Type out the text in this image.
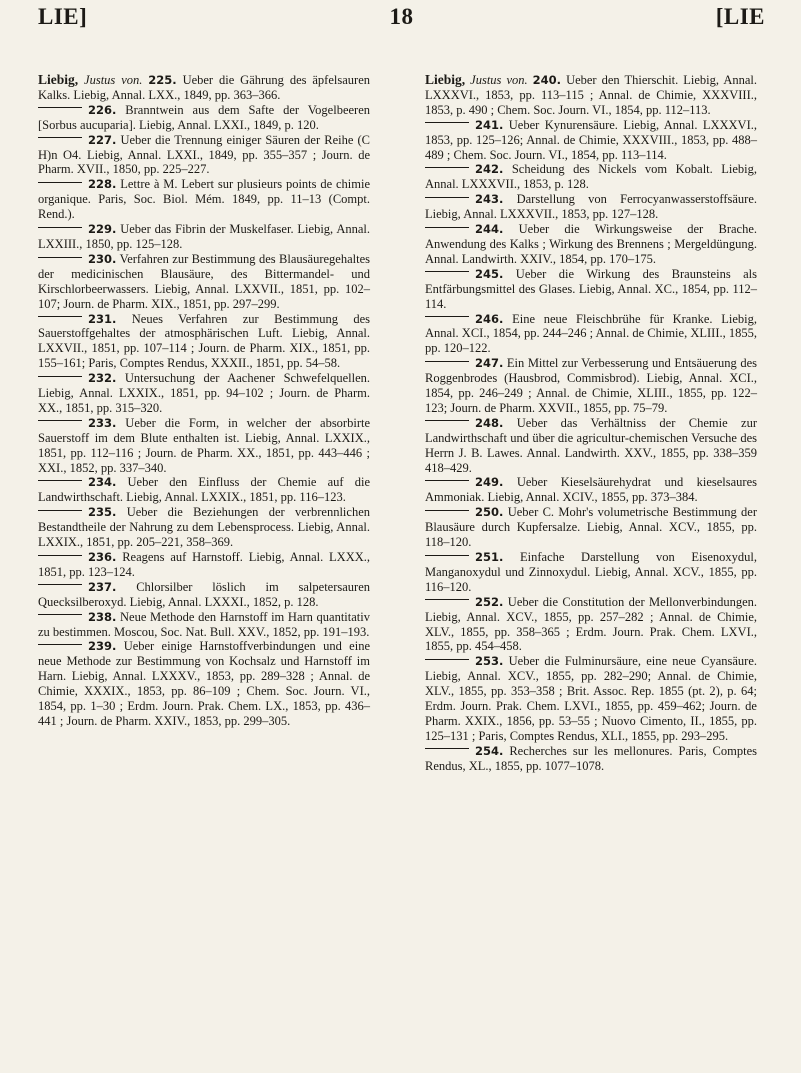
LIE]	18	[LIE

Liebig, Justus von. 225. Ueber die Gährung des äpfelsauren Kalks. Liebig, Annal. LXX., 1849, pp. 363–366.

226. Branntwein aus dem Safte der Vogelbeeren [Sorbus aucuparia]. Liebig, Annal. LXXI., 1849, p. 120.

227. Ueber die Trennung einiger Säuren der Reihe (C H)n O4. Liebig, Annal. LXXI., 1849, pp. 355–357 ; Journ. de Pharm. XVII., 1850, pp. 225–227.

228. Lettre à M. Lebert sur plusieurs points de chimie organique. Paris, Soc. Biol. Mém. 1849, pp. 11–13 (Compt. Rend.).

229. Ueber das Fibrin der Muskelfaser. Liebig, Annal. LXXIII., 1850, pp. 125–128.

230. Verfahren zur Bestimmung des Blausäuregehaltes der medicinischen Blausäure, des Bittermandel- und Kirschlorbeerwassers. Liebig, Annal. LXXVII., 1851, pp. 102–107; Journ. de Pharm. XIX., 1851, pp. 297–299.

231. Neues Verfahren zur Bestimmung des Sauerstoffgehaltes der atmosphärischen Luft. Liebig, Annal. LXXVII., 1851, pp. 107–114 ; Journ. de Pharm. XIX., 1851, pp. 155–161; Paris, Comptes Rendus, XXXII., 1851, pp. 54–58.

232. Untersuchung der Aachener Schwefelquellen. Liebig, Annal. LXXIX., 1851, pp. 94–102 ; Journ. de Pharm. XX., 1851, pp. 315–320.

233. Ueber die Form, in welcher der absorbirte Sauerstoff im dem Blute enthalten ist. Liebig, Annal. LXXIX., 1851, pp. 112–116 ; Journ. de Pharm. XX., 1851, pp. 443–446 ; XXI., 1852, pp. 337–340.

234. Ueber den Einfluss der Chemie auf die Landwirthschaft. Liebig, Annal. LXXIX., 1851, pp. 116–123.

235. Ueber die Beziehungen der verbrennlichen Bestandtheile der Nahrung zu dem Lebensprocess. Liebig, Annal. LXXIX., 1851, pp. 205–221, 358–369.

236. Reagens auf Harnstoff. Liebig, Annal. LXXX., 1851, pp. 123–124.

237. Chlorsilber löslich im salpetersauren Quecksilberoxyd. Liebig, Annal. LXXXI., 1852, p. 128.

238. Neue Methode den Harnstoff im Harn quantitativ zu bestimmen. Moscou, Soc. Nat. Bull. XXV., 1852, pp. 191–193.

239. Ueber einige Harnstoffverbindungen und eine neue Methode zur Bestimmung von Kochsalz und Harnstoff im Harn. Liebig, Annal. LXXXV., 1853, pp. 289–328 ; Annal. de Chimie, XXXIX., 1853, pp. 86–109 ; Chem. Soc. Journ. VI., 1854, pp. 1–30 ; Erdm. Journ. Prak. Chem. LX., 1853, pp. 436–441 ; Journ. de Pharm. XXIV., 1853, pp. 299–305.

Liebig, Justus von. 240. Ueber den Thierschit. Liebig, Annal. LXXXVI., 1853, pp. 113–115 ; Annal. de Chimie, XXXVIII., 1853, p. 490 ; Chem. Soc. Journ. VI., 1854, pp. 112–113.

241. Ueber Kynurensäure. Liebig, Annal. LXXXVI., 1853, pp. 125–126; Annal. de Chimie, XXXVIII., 1853, pp. 488–489 ; Chem. Soc. Journ. VI., 1854, pp. 113–114.

242. Scheidung des Nickels vom Kobalt. Liebig, Annal. LXXXVII., 1853, p. 128.

243. Darstellung von Ferrocyanwasserstoffsäure. Liebig, Annal. LXXXVII., 1853, pp. 127–128.

244. Ueber die Wirkungsweise der Brache. Anwendung des Kalks ; Wirkung des Brennens ; Mergeldüngung. Annal. Landwirth. XXIV., 1854, pp. 170–175.

245. Ueber die Wirkung des Braunsteins als Entfärbungsmittel des Glases. Liebig, Annal. XC., 1854, pp. 112–114.

246. Eine neue Fleischbrühe für Kranke. Liebig, Annal. XCI., 1854, pp. 244–246 ; Annal. de Chimie, XLIII., 1855, pp. 120–122.

247. Ein Mittel zur Verbesserung und Entsäuerung des Roggenbrodes (Hausbrod, Commisbrod). Liebig, Annal. XCI., 1854, pp. 246–249 ; Annal. de Chimie, XLIII., 1855, pp. 122–123; Journ. de Pharm. XXVII., 1855, pp. 75–79.

248. Ueber das Verhältniss der Chemie zur Landwirthschaft und über die agricultur-chemischen Versuche des Herrn J. B. Lawes. Annal. Landwirth. XXV., 1855, pp. 338–359 418–429.

249. Ueber Kieselsäurehydrat und kieselsaures Ammoniak. Liebig, Annal. XCIV., 1855, pp. 373–384.

250. Ueber C. Mohr's volumetrische Bestimmung der Blausäure durch Kupfersalze. Liebig, Annal. XCV., 1855, pp. 118–120.

251. Einfache Darstellung von Eisenoxydul, Manganoxydul und Zinnoxydul. Liebig, Annal. XCV., 1855, pp. 116–120.

252. Ueber die Constitution der Mellonverbindungen. Liebig, Annal. XCV., 1855, pp. 257–282 ; Annal. de Chimie, XLV., 1855, pp. 358–365 ; Erdm. Journ. Prak. Chem. LXVI., 1855, pp. 454–458.

253. Ueber die Fulminursäure, eine neue Cyansäure. Liebig, Annal. XCV., 1855, pp. 282–290; Annal. de Chimie, XLV., 1855, pp. 353–358 ; Brit. Assoc. Rep. 1855 (pt. 2), p. 64; Erdm. Journ. Prak. Chem. LXVI., 1855, pp. 459–462; Journ. de Pharm. XXIX., 1856, pp. 53–55 ; Nuovo Cimento, II., 1855, pp. 125–131 ; Paris, Comptes Rendus, XLI., 1855, pp. 293–295.

254. Recherches sur les mellonures. Paris, Comptes Rendus, XL., 1855, pp. 1077–1078.
